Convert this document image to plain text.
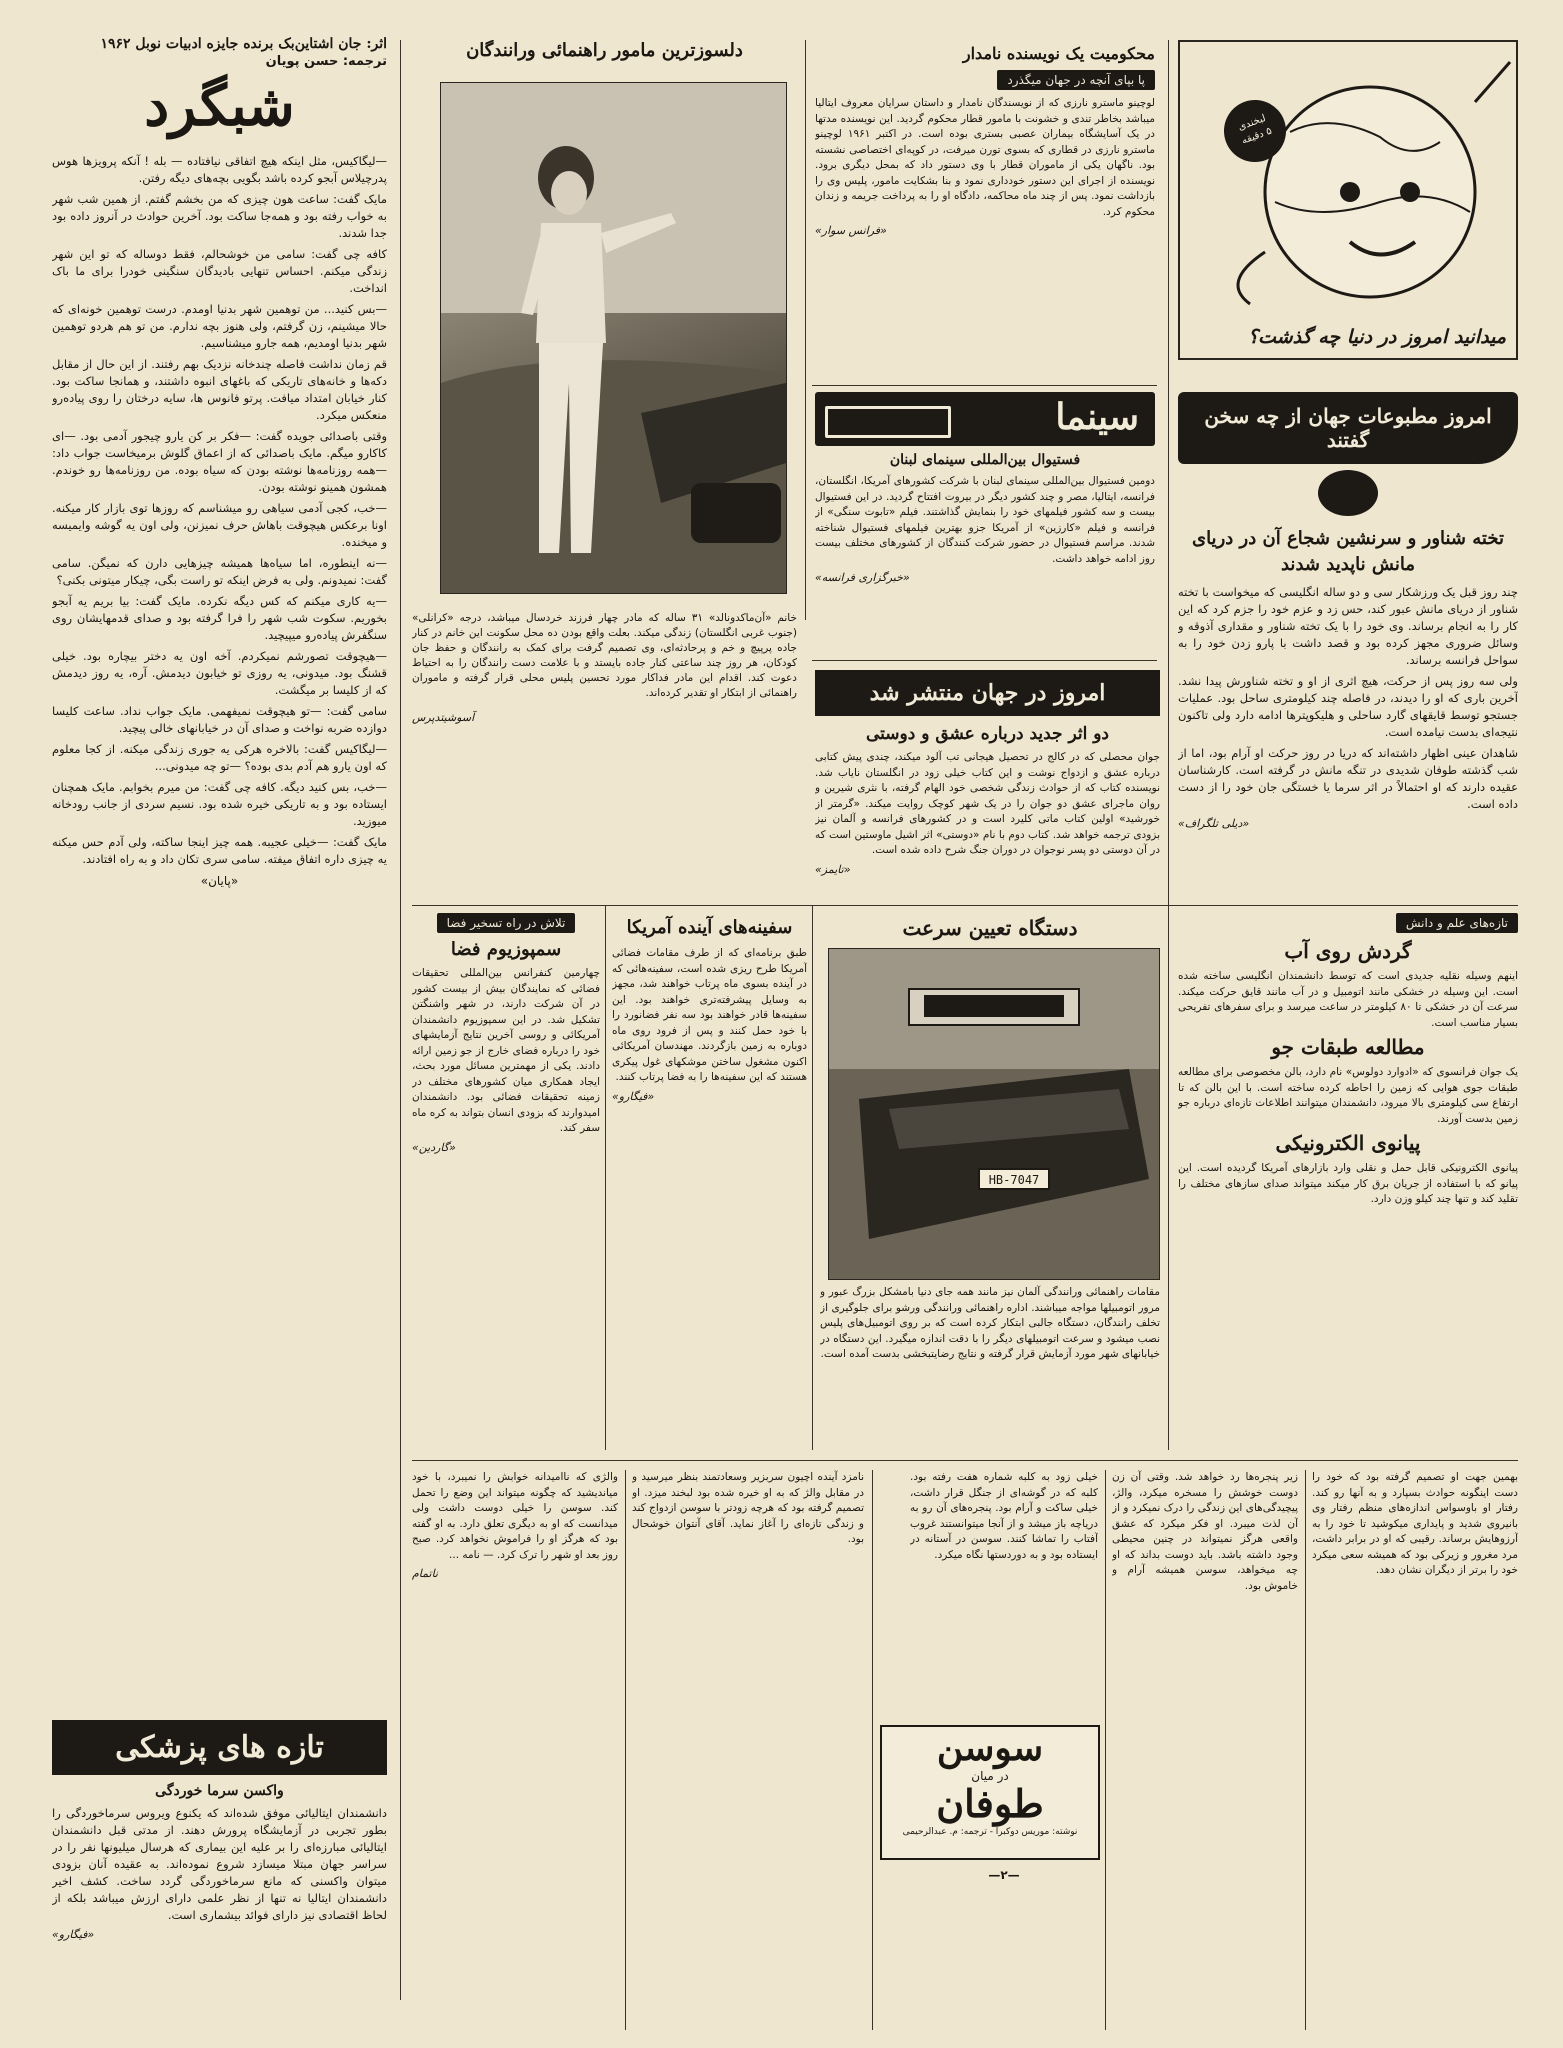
اثر: جان اشتاین‌بک برنده جایزه ادبیات نوبل ۱۹۶۲
ترجمه: حسن پویان
شبگرد

—لیگاکیس، مثل اینکه هیچ اتفاقی نیافتاده — بله ! آنکه پرویزها هوس پدرچیلاس آبجو کرده باشد بگویی بچه‌های دیگه رفتن.

مایک گفت: ساعت هون چیزی که من بخشم گفتم. از همین شب شهر به خواب رفته بود و همه‌جا ساکت بود. آخرین حوادث در آنروز داده بود جدا شدند.

کافه چی گفت: سامی من خوشحالم، فقط دوساله که تو این شهر زندگی میکنم. احساس تنهایی بادیدگان سنگینی خودرا برای ما باک انداخت.

—بس کنید... من توهمین شهر بدنیا اومدم. درست توهمین خونه‌ای که حالا میشینم، زن گرفتم، ولی هنوز بچه ندارم. من تو هم هردو توهمین شهر بدنیا اومدیم، همه جارو میشناسیم.

قم زمان نداشت فاصله چندخانه نزدیک بهم رفتند. از این حال از مقابل دکه‌ها و خانه‌های تاریکی که باغهای انبوه داشتند، و همانجا ساکت بود. کنار خیابان امتداد میافت. پرتو فانوس ها، سایه درختان را روی پیاده‌رو منعکس میکرد.

وقتی باصدائی جویده گفت: —فکر بر کن یارو چیجور آدمی بود. —ای کاکا‌رو میگم. مایک باصدائی که از اعماق گلوش برمیخاست جواب داد: —همه روزنامه‌ها نوشته بودن که سیاه بوده. من روزنامه‌ها رو خوندم. همشون همینو نوشته بودن.

—خب، کجی آدمی سیاهی رو میشناسم که روزها توی بازار کار میکنه. اونا برعکس هیچوقت باهاش حرف نمیزنن، ولی اون یه گوشه وایمیسه و میخنده.

—نه اینطوره، اما سیاه‌ها همیشه چیزهایی دارن که نمیگن. سامی گفت: نمیدونم. ولی به فرض اینکه تو راست بگی، چیکار میتونی بکنی؟

—یه کاری میکنم که کس دیگه نکرده. مایک گفت: بیا بریم یه آبجو بخوریم. سکوت شب شهر را فرا گرفته بود و صدای قدمهایشان روی سنگفرش پیاده‌رو میپیچید.

—هیچوقت تصورشم نمیکردم. آخه اون یه دختر بیچاره بود. خیلی قشنگ بود. میدونی، یه روزی تو خیابون دیدمش. آره، یه روز دیدمش که از کلیسا بر میگشت.

سامی گفت: —تو هیچوقت نمیفهمی. مایک جواب نداد. ساعت کلیسا دوازده ضربه نواخت و صدای آن در خیابانهای خالی پیچید.

—لیگاکیس گفت: بالاخره هرکی یه جوری زندگی میکنه. از کجا معلوم که اون یارو هم آدم بدی بوده؟ —تو چه میدونی...

—خب، بس کنید دیگه. کافه چی گفت: من میرم بخوابم. مایک همچنان ایستاده بود و به تاریکی خیره شده بود. نسیم سردی از جانب رودخانه میوزید.

مایک گفت: —خیلی عجیبه. همه چیز اینجا ساکته، ولی آدم حس میکنه یه چیزی داره اتفاق میفته. سامی سری تکان داد و به راه افتادند.

«پایان»
تازه های پزشکی
واکسن سرما خوردگی

دانشمندان ایتالیائی موفق شده‌اند که یکنوع ویروس سرماخوردگی را بطور تجربی در آزمایشگاه پرورش دهند. از مدتی قبل دانشمندان ایتالیائی مبارزه‌ای را بر علیه این بیماری که هرسال میلیونها نفر را در سراسر جهان مبتلا میسازد شروع نموده‌اند. به عقیده آنان بزودی میتوان واکسنی که مانع سرماخوردگی گردد ساخت. کشف اخیر دانشمندان ایتالیا نه تنها از نظر علمی دارای ارزش میباشد بلکه از لحاظ اقتصادی نیز دارای فوائد بیشماری است.

«فیگارو»
دلسوزترین مامور راهنمائی ورانندگان

خانم «آن‌ماکدونالد» ۳۱ ساله که مادر چهار فرزند خردسال میباشد، درجه «کرانلی» (جنوب غربی انگلستان) زندگی میکند. بعلت واقع بودن ده محل سکونت این خانم در کنار جاده پرپیچ و خم و پرحادثه‌ای، وی تصمیم گرفت برای کمک به رانندگان و حفظ جان کودکان، هر روز چند ساعتی کنار جاده بایستد و با علامت دست رانندگان را به احتیاط دعوت کند. اقدام این مادر فداکار مورد تحسین پلیس محلی قرار گرفته و ماموران راهنمائی از ابتکار او تقدیر کرده‌اند.

آسوشیتدپرس
محکومیت یک نویسنده نامدار
پا بپای آنچه در جهان میگذرد

لوچینو ماسترو نارزی که از نویسندگان نامدار و داستان سرایان معروف ایتالیا میباشد بخاطر تندی و خشونت با مامور قطار محکوم گردید. این نویسنده مدتها در یک آسایشگاه بیماران عصبی بستری بوده است. در اکتبر ۱۹۶۱ لوچینو ماسترو نارزی در قطاری که بسوی تورن میرفت، در کوپه‌ای اختصاصی نشسته بود. ناگهان یکی از ماموران قطار با وی دستور داد که بمحل دیگری برود. نویسنده از اجرای این دستور خودداری نمود و بنا بشکایت مامور، پلیس وی را بازداشت نمود. پس از چند ماه محاکمه، دادگاه او را به پرداخت جریمه و زندان محکوم کرد.

«فرانس سوار»
سینما
فستیوال بین‌المللی سینمای لبنان

دومین فستیوال بین‌المللی سینمای لبنان با شرکت کشورهای آمریکا، انگلستان، فرانسه، ایتالیا، مصر و چند کشور دیگر در بیروت افتتاح گردید. در این فستیوال بیست و سه کشور فیلمهای خود را بنمایش گذاشتند. فیلم «تابوت سنگی» از فرانسه و فیلم «کارزین» از آمریکا جزو بهترین فیلمهای فستیوال شناخته شدند. مراسم فستیوال در حضور شرکت کنندگان از کشورهای مختلف بیست روز ادامه خواهد داشت.

«خبرگزاری فرانسه»
لبخندی
۵ دقیقه
میدانید امروز در دنیا چه گذشت؟
امروز مطبوعات جهان از چه سخن گفتند
تخته شناور و سرنشین شجاع آن در دریای مانش ناپدید شدند

چند روز قبل یک ورزشکار سی و دو ساله انگلیسی که میخواست با تخته شناور از دریای مانش عبور کند، حس زد و عزم خود را جزم کرد که این کار را به انجام برساند. وی خود را با یک تخته شناور و مقداری آذوقه و وسائل ضروری مجهز کرده بود و قصد داشت با پارو زدن خود را به سواحل فرانسه برساند.

ولی سه روز پس از حرکت، هیچ اثری از او و تخته شناورش پیدا نشد. آخرین باری که او را دیدند، در فاصله چند کیلومتری ساحل بود. عملیات جستجو توسط قایقهای گارد ساحلی و هلیکوپترها ادامه دارد ولی تاکنون نتیجه‌ای بدست نیامده است.

شاهدان عینی اظهار داشته‌اند که دریا در روز حرکت او آرام بود، اما از شب گذشته طوفان شدیدی در تنگه مانش در گرفته است. کارشناسان عقیده دارند که او احتمالاً در اثر سرما یا خستگی جان خود را از دست داده است.

«دیلی تلگراف»
امروز در جهان منتشر شد
دو اثر جدید درباره عشق و دوستی

جوان محصلی که در کالج در تحصیل هیجانی تب آلود میکند، چندی پیش کتابی درباره عشق و ازدواج نوشت و این کتاب خیلی زود در انگلستان نایاب شد. نویسنده کتاب که از حوادث زندگی شخصی خود الهام گرفته، با نثری شیرین و روان ماجرای عشق دو جوان را در یک شهر کوچک روایت میکند. «گرمتر از خورشید» اولین کتاب ماتی کلیرد است و در کشورهای فرانسه و آلمان نیز بزودی ترجمه خواهد شد. کتاب دوم با نام «دوستی» اثر اشیل ماوستین است که در آن دوستی دو پسر نوجوان در دوران جنگ شرح داده شده است.

«تایمز»
تازه‌های علم و دانش
گردش روی آب

اینهم وسیله نقلیه جدیدی است که توسط دانشمندان انگلیسی ساخته شده است. این وسیله در خشکی مانند اتومبیل و در آب مانند قایق حرکت میکند. سرعت آن در خشکی تا ۸۰ کیلومتر در ساعت میرسد و برای سفرهای تفریحی بسیار مناسب است.

مطالعه طبقات جو

یک جوان فرانسوی که «ادوارد دولوس» نام دارد، بالن مخصوصی برای مطالعه طبقات جوی هوایی که زمین را احاطه کرده ساخته است. با این بالن که تا ارتفاع سی کیلومتری بالا میرود، دانشمندان میتوانند اطلاعات تازه‌ای درباره جو زمین بدست آورند.

پیانوی الکترونیکی

پیانوی الکترونیکی قابل حمل و نقلی وارد بازارهای آمریکا گردیده است. این پیانو که با استفاده از جریان برق کار میکند میتواند صدای سازهای مختلف را تقلید کند و تنها چند کیلو وزن دارد.

دستگاه تعیین سرعت
HB-7047

مقامات راهنمائی ورانندگی آلمان نیز مانند همه جای دنیا بامشکل بزرگ عبور و مرور اتومبیلها مواجه میباشند. اداره راهنمائی ورانندگی ورشو برای جلوگیری از تخلف رانندگان، دستگاه جالبی ابتکار کرده است که بر روی اتومبیل‌های پلیس نصب میشود و سرعت اتومبیلهای دیگر را با دقت اندازه میگیرد. این دستگاه در خیابانهای شهر مورد آزمایش قرار گرفته و نتایج رضایتبخشی بدست آمده است.

سفینه‌های آینده آمریکا

طبق برنامه‌ای که از طرف مقامات فضائی آمریکا طرح ریزی شده است، سفینه‌هائی که در آینده بسوی ماه پرتاب خواهند شد، مجهز به وسایل پیشرفته‌تری خواهند بود. این سفینه‌ها قادر خواهند بود سه نفر فضانورد را با خود حمل کنند و پس از فرود روی ماه دوباره به زمین بازگردند. مهندسان آمریکائی اکنون مشغول ساختن موشکهای غول پیکری هستند که این سفینه‌ها را به فضا پرتاب کنند.

«فیگارو»
تلاش در راه تسخیر فضا
سمپوزیوم فضا

چهارمین کنفرانس بین‌المللی تحقیقات فضائی که نمایندگان بیش از بیست کشور در آن شرکت دارند، در شهر واشنگتن تشکیل شد. در این سمپوزیوم دانشمندان آمریکائی و روسی آخرین نتایج آزمایشهای خود را درباره فضای خارج از جو زمین ارائه دادند. یکی از مهمترین مسائل مورد بحث، ایجاد همکاری میان کشورهای مختلف در زمینه تحقیقات فضائی بود. دانشمندان امیدوارند که بزودی انسان بتواند به کره ماه سفر کند.

«گاردین»

بهمین جهت او تصمیم گرفته بود که خود را دست اینگونه حوادث بسپارد و به آنها رو کند. رفتار او باوسواس اندازه‌های منظم رفتار وی بانیروی شدید و پایداری میکوشید تا خود را به آرزوهایش برساند. رقیبی که او در برابر داشت، مرد مغرور و زیرکی بود که همیشه سعی میکرد خود را برتر از دیگران نشان دهد.

زیر پنجره‌ها رد خواهد شد. وقتی آن زن دوست خوشش را مسخره میکرد، والژ، پیچیدگی‌های این زندگی را درک نمیکرد و از آن لذت میبرد. او فکر میکرد که عشق واقعی هرگز نمیتواند در چنین محیطی وجود داشته باشد. باید دوست بداند که او چه میخواهد، سوسن همیشه آرام و خاموش بود.

خیلی زود به کلبه شماره هفت رفته بود. کلبه که در گوشه‌ای از جنگل قرار داشت، خیلی ساکت و آرام بود. پنجره‌های آن رو به دریاچه باز میشد و از آنجا میتوانستند غروب آفتاب را تماشا کنند. سوسن در آستانه در ایستاده بود و به دوردستها نگاه میکرد.

سوسن
در میان
طوفان
نوشته: موریس دوکبرا - ترجمه: م. عبدالرحیمی
—۲—

نامزد آینده اچیون سربزیر وسعادتمند بنظر میرسید و در مقابل والژ که به او خیره شده بود لبخند میزد. او تصمیم گرفته بود که هرچه زودتر با سوسن ازدواج کند و زندگی تازه‌ای را آغاز نماید. آقای آنتوان خوشحال بود.

والژی که ناامیدانه خوابش را نمیبرد، با خود میاندیشید که چگونه میتواند این وضع را تحمل کند. سوسن را خیلی دوست داشت ولی میدانست که او به دیگری تعلق دارد. به او گفته بود که هرگز او را فراموش نخواهد کرد. صبح روز بعد او شهر را ترک کرد. — نامه ...

ناتمام
